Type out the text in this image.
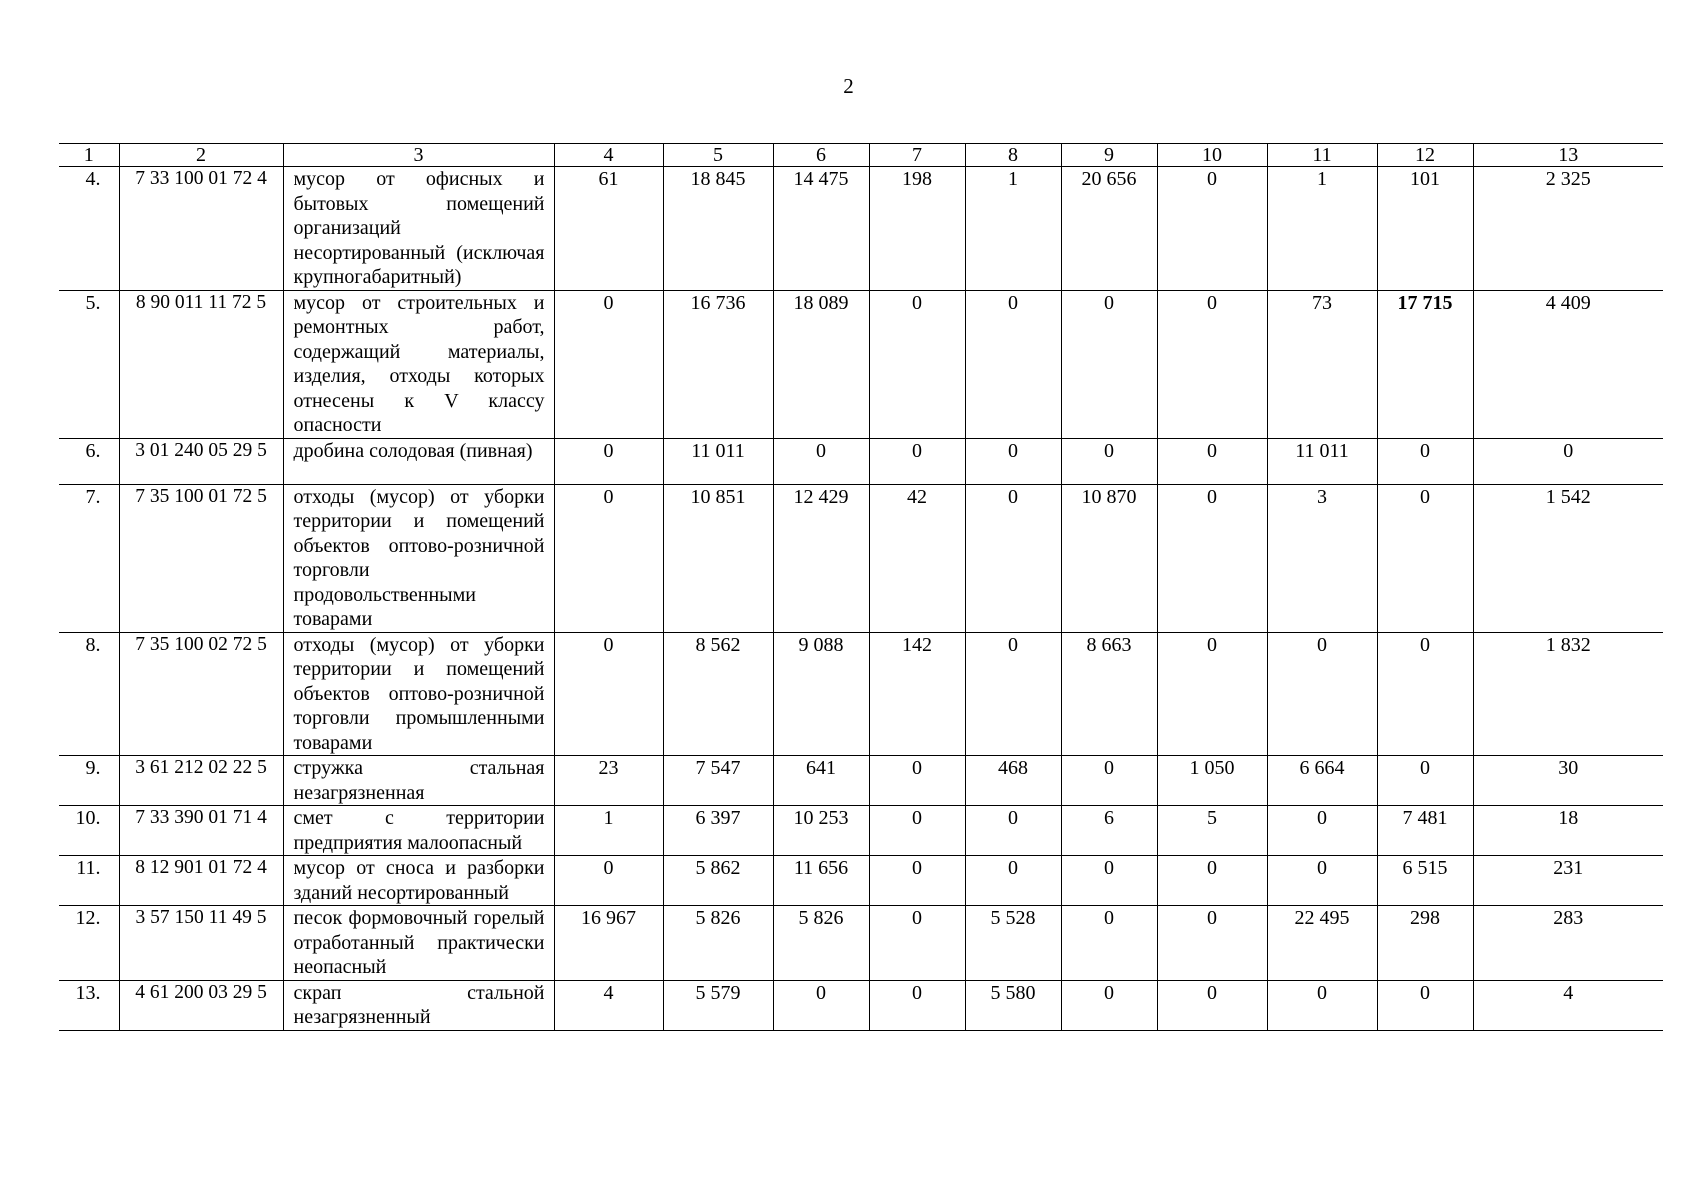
2
1	2	3	4	5	6	7	8	9	10	11	12	13
4.	7 33 100 01 72 4	мусор от офисных и бытовых помещений организаций несортированный (исключая крупногабаритный)	61	18 845	14 475	198	1	20 656	0	1	101	2 325
5.	8 90 011 11 72 5	мусор от строительных и ремонтных работ, содержащий материалы, изделия, отходы которых отнесены к V классу опасности	0	16 736	18 089	0	0	0	0	73	17 715	4 409
6.	3 01 240 05 29 5	дробина солодовая (пивная)	0	11 011	0	0	0	0	0	11 011	0	0
7.	7 35 100 01 72 5	отходы (мусор) от уборки территории и помещений объектов оптово-розничной торговли продовольственными товарами	0	10 851	12 429	42	0	10 870	0	3	0	1 542
8.	7 35 100 02 72 5	отходы (мусор) от уборки территории и помещений объектов оптово-розничной торговли промышленными товарами	0	8 562	9 088	142	0	8 663	0	0	0	1 832
9.	3 61 212 02 22 5	стружка стальная незагрязненная	23	7 547	641	0	468	0	1 050	6 664	0	30
10.	7 33 390 01 71 4	смет с территории предприятия малоопасный	1	6 397	10 253	0	0	6	5	0	7 481	18
11.	8 12 901 01 72 4	мусор от сноса и разборки зданий несортированный	0	5 862	11 656	0	0	0	0	0	6 515	231
12.	3 57 150 11 49 5	песок формовочный горелый отработанный практически неопасный	16 967	5 826	5 826	0	5 528	0	0	22 495	298	283
13.	4 61 200 03 29 5	скрап стальной незагрязненный	4	5 579	0	0	5 580	0	0	0	0	4
